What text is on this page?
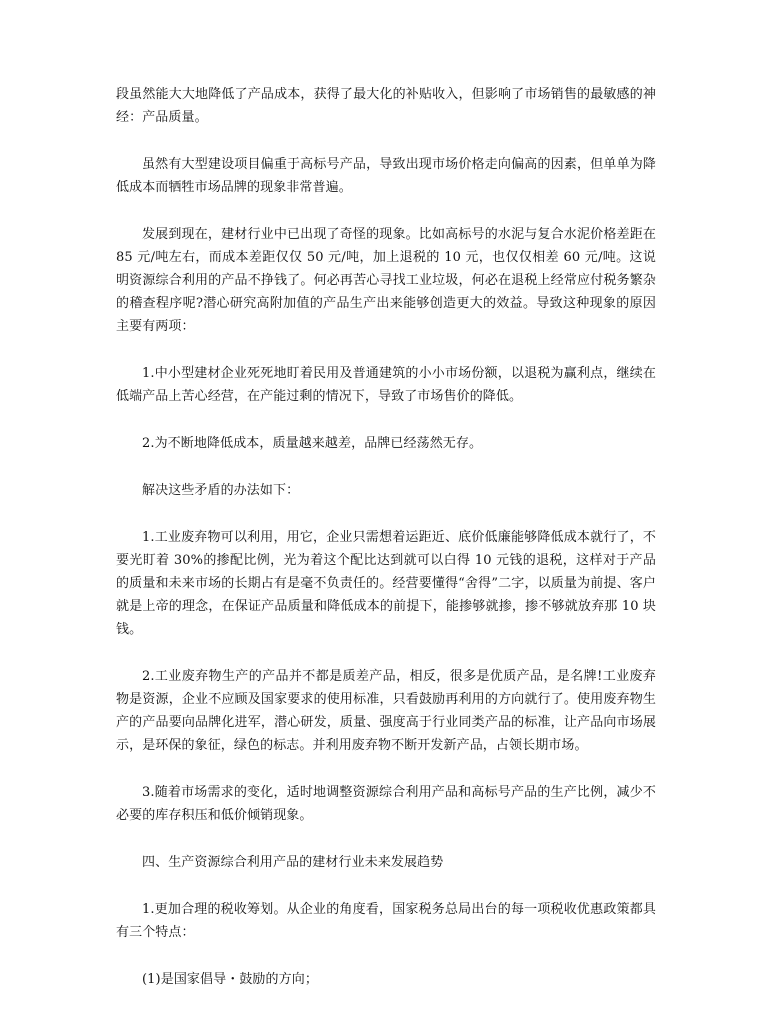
段虽然能大大地降低了产品成本，获得了最大化的补贴收入，但影响了市场销售的最敏感的神经：产品质量。

虽然有大型建设项目偏重于高标号产品，导致出现市场价格走向偏高的因素，但单单为降低成本而牺牲市场品牌的现象非常普遍。

发展到现在，建材行业中已出现了奇怪的现象。比如高标号的水泥与复合水泥价格差距在 85 元/吨左右，而成本差距仅仅 50 元/吨，加上退税的 10 元，也仅仅相差 60 元/吨。这说明资源综合利用的产品不挣钱了。何必再苦心寻找工业垃圾，何必在退税上经常应付税务繁杂的稽查程序呢?潜心研究高附加值的产品生产出来能够创造更大的效益。导致这种现象的原因主要有两项：

1.中小型建材企业死死地盯着民用及普通建筑的小小市场份额，以退税为赢利点，继续在低端产品上苦心经营，在产能过剩的情况下，导致了市场售价的降低。

2.为不断地降低成本，质量越来越差，品牌已经荡然无存。

解决这些矛盾的办法如下：

1.工业废弃物可以利用，用它，企业只需想着运距近、底价低廉能够降低成本就行了，不要光盯着 30%的掺配比例，光为着这个配比达到就可以白得 10 元钱的退税，这样对于产品的质量和未来市场的长期占有是毫不负责任的。经营要懂得“舍得”二字，以质量为前提、客户就是上帝的理念，在保证产品质量和降低成本的前提下，能掺够就掺，掺不够就放弃那 10 块钱。

2.工业废弃物生产的产品并不都是质差产品，相反，很多是优质产品，是名牌!工业废弃物是资源，企业不应顾及国家要求的使用标准，只看鼓励再利用的方向就行了。使用废弃物生产的产品要向品牌化进军，潜心研发，质量、强度高于行业同类产品的标准，让产品向市场展示，是环保的象征，绿色的标志。并利用废弃物不断开发新产品，占领长期市场。

3.随着市场需求的变化，适时地调整资源综合利用产品和高标号产品的生产比例，减少不必要的库存积压和低价倾销现象。

四、生产资源综合利用产品的建材行业未来发展趋势

1.更加合理的税收筹划。从企业的角度看，国家税务总局出台的每一项税收优惠政策都具有三个特点：

(1)是国家倡导・鼓励的方向；
